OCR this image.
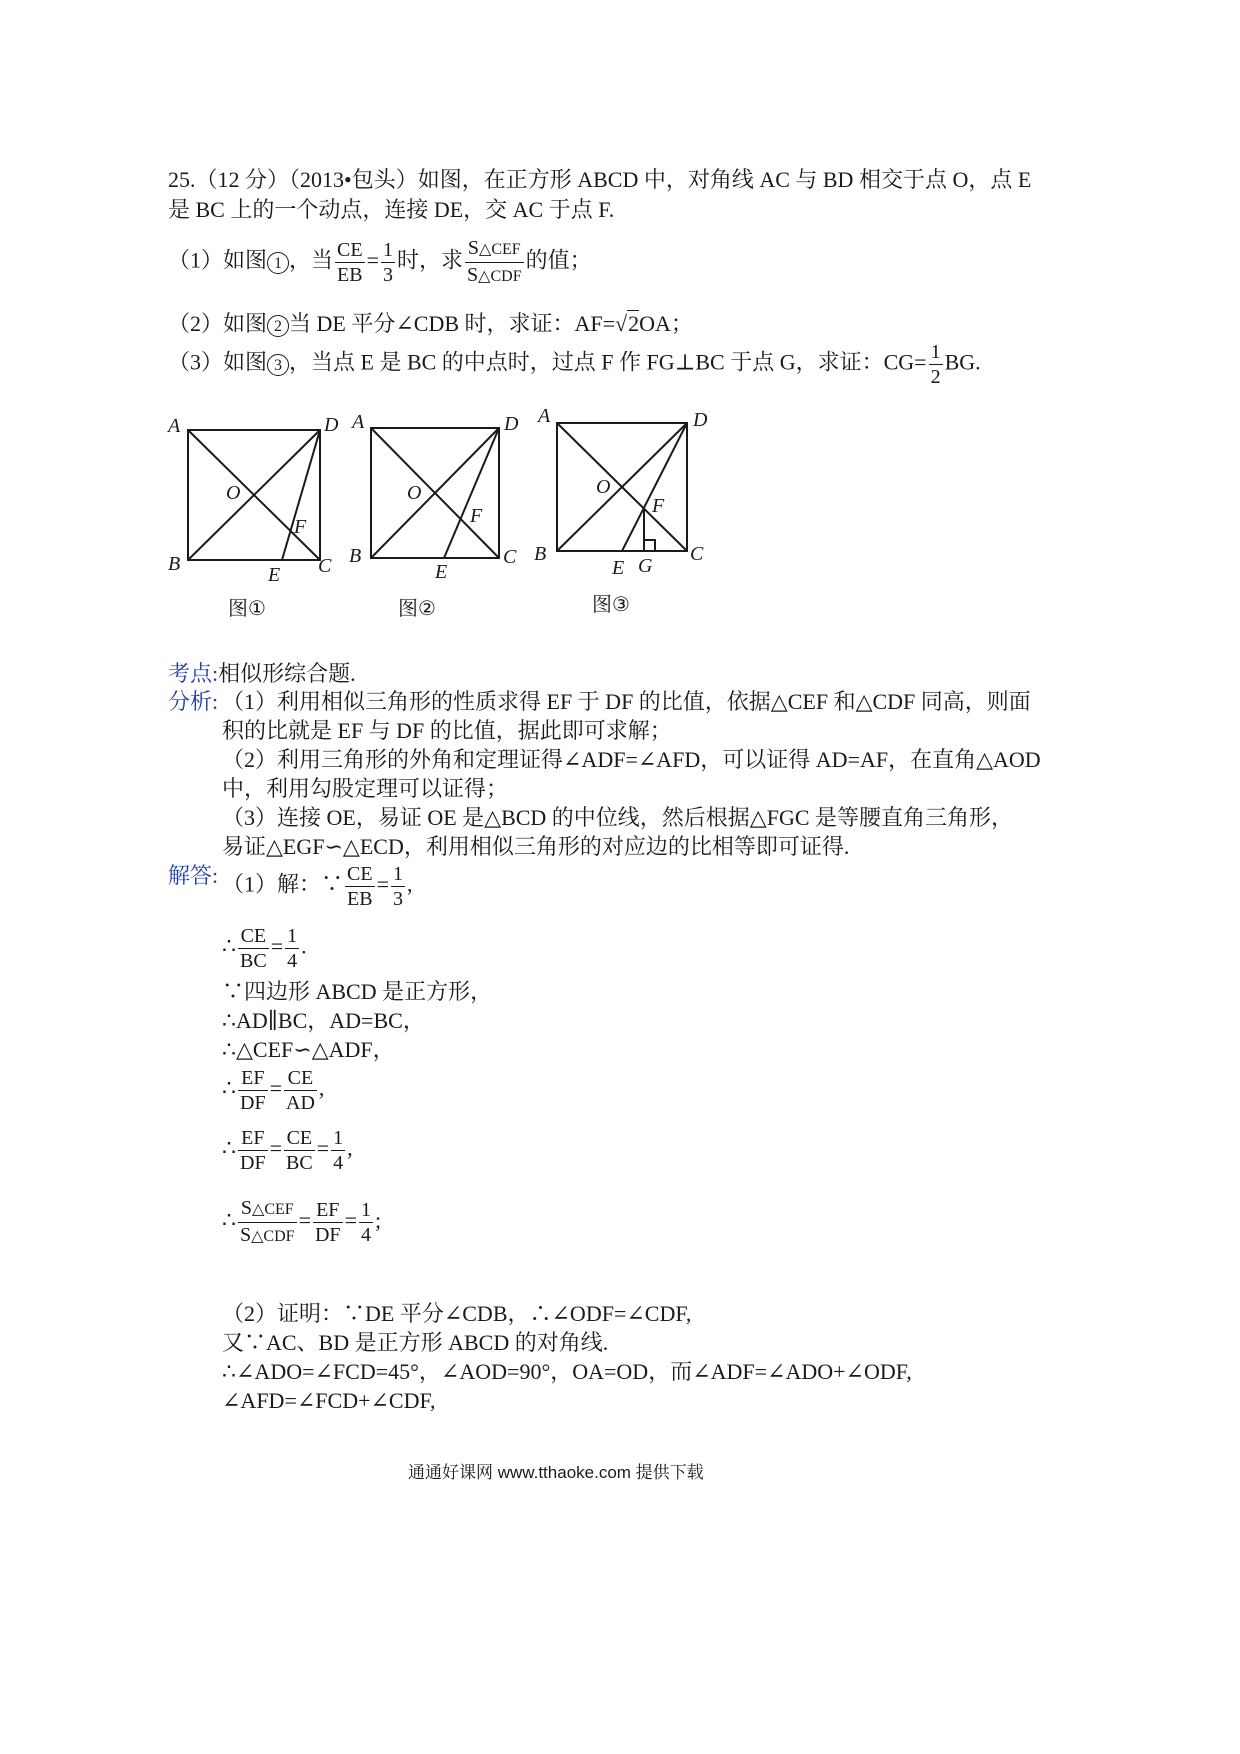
25.（12 分）（2013•包头）如图，在正方形 ABCD 中，对角线 AC 与 BD 相交于点 O，点 E
是 BC 上的一个动点，连接 DE，交 AC 于点 F.
（1）如图 1 ，当 $\frac{CE}{EB} = \frac{1}{3}$ 时，求 $\frac{\text{S△CEF}}{\text{S△CDF}}$ 的值；
（2）如图 2 当 DE 平分∠CDB 时，求证：AF=√2OA；
（3）如图 3 ，当点 E 是 BC 的中点时，过点 F 作 FG⊥BC 于点 G，求证：$CG= \frac{1}{2}$ BG.
A	D
B	C
O
F
E
A	D
B	C
O
F
E
A	D
B	C
O
F
E G
图①	图②	图③
考点:相似形综合题.
分析: （1）利用相似三角形的性质求得 EF 于 DF 的比值，依据△CEF 和△CDF 同高，则面
积的比就是 EF 与 DF 的比值，据此即可求解；
（2）利用三角形的外角和定理证得∠ADF=∠AFD，可以证得 AD=AF，在直角△AOD
中，利用勾股定理可以证得；
（3）连接 OE，易证 OE 是△BCD 的中位线，然后根据△FGC 是等腰直角三角形，
易证△EGF∽△ECD，利用相似三角形的对应边的比相等即可证得.
解答: （1）解：∵ $\frac{CE}{EB} = \frac{1}{3}$ ,
∴ $\frac{CE}{BC} = \frac{1}{4}$ .
∵四边形 ABCD 是正方形，
∴AD∥BC，AD=BC，
∴△CEF∽△ADF，
∴ $\frac{EF}{DF} = \frac{CE}{AD}$ ,
∴ $\frac{EF}{DF} = \frac{CE}{BC} = \frac{1}{4}$ ,
∴ $\frac{\text{S△CEF}}{\text{S△CDF}} = \frac{EF}{DF} = \frac{1}{4}$ ;
（2）证明：∵DE 平分∠CDB，∴∠ODF=∠CDF,
又∵AC、BD 是正方形 ABCD 的对角线.
∴∠ADO=∠FCD=45°，∠AOD=90°，OA=OD，而∠ADF=∠ADO+∠ODF,
∠AFD=∠FCD+∠CDF,
通通好课网 www.tthaoke.com 提供下载
